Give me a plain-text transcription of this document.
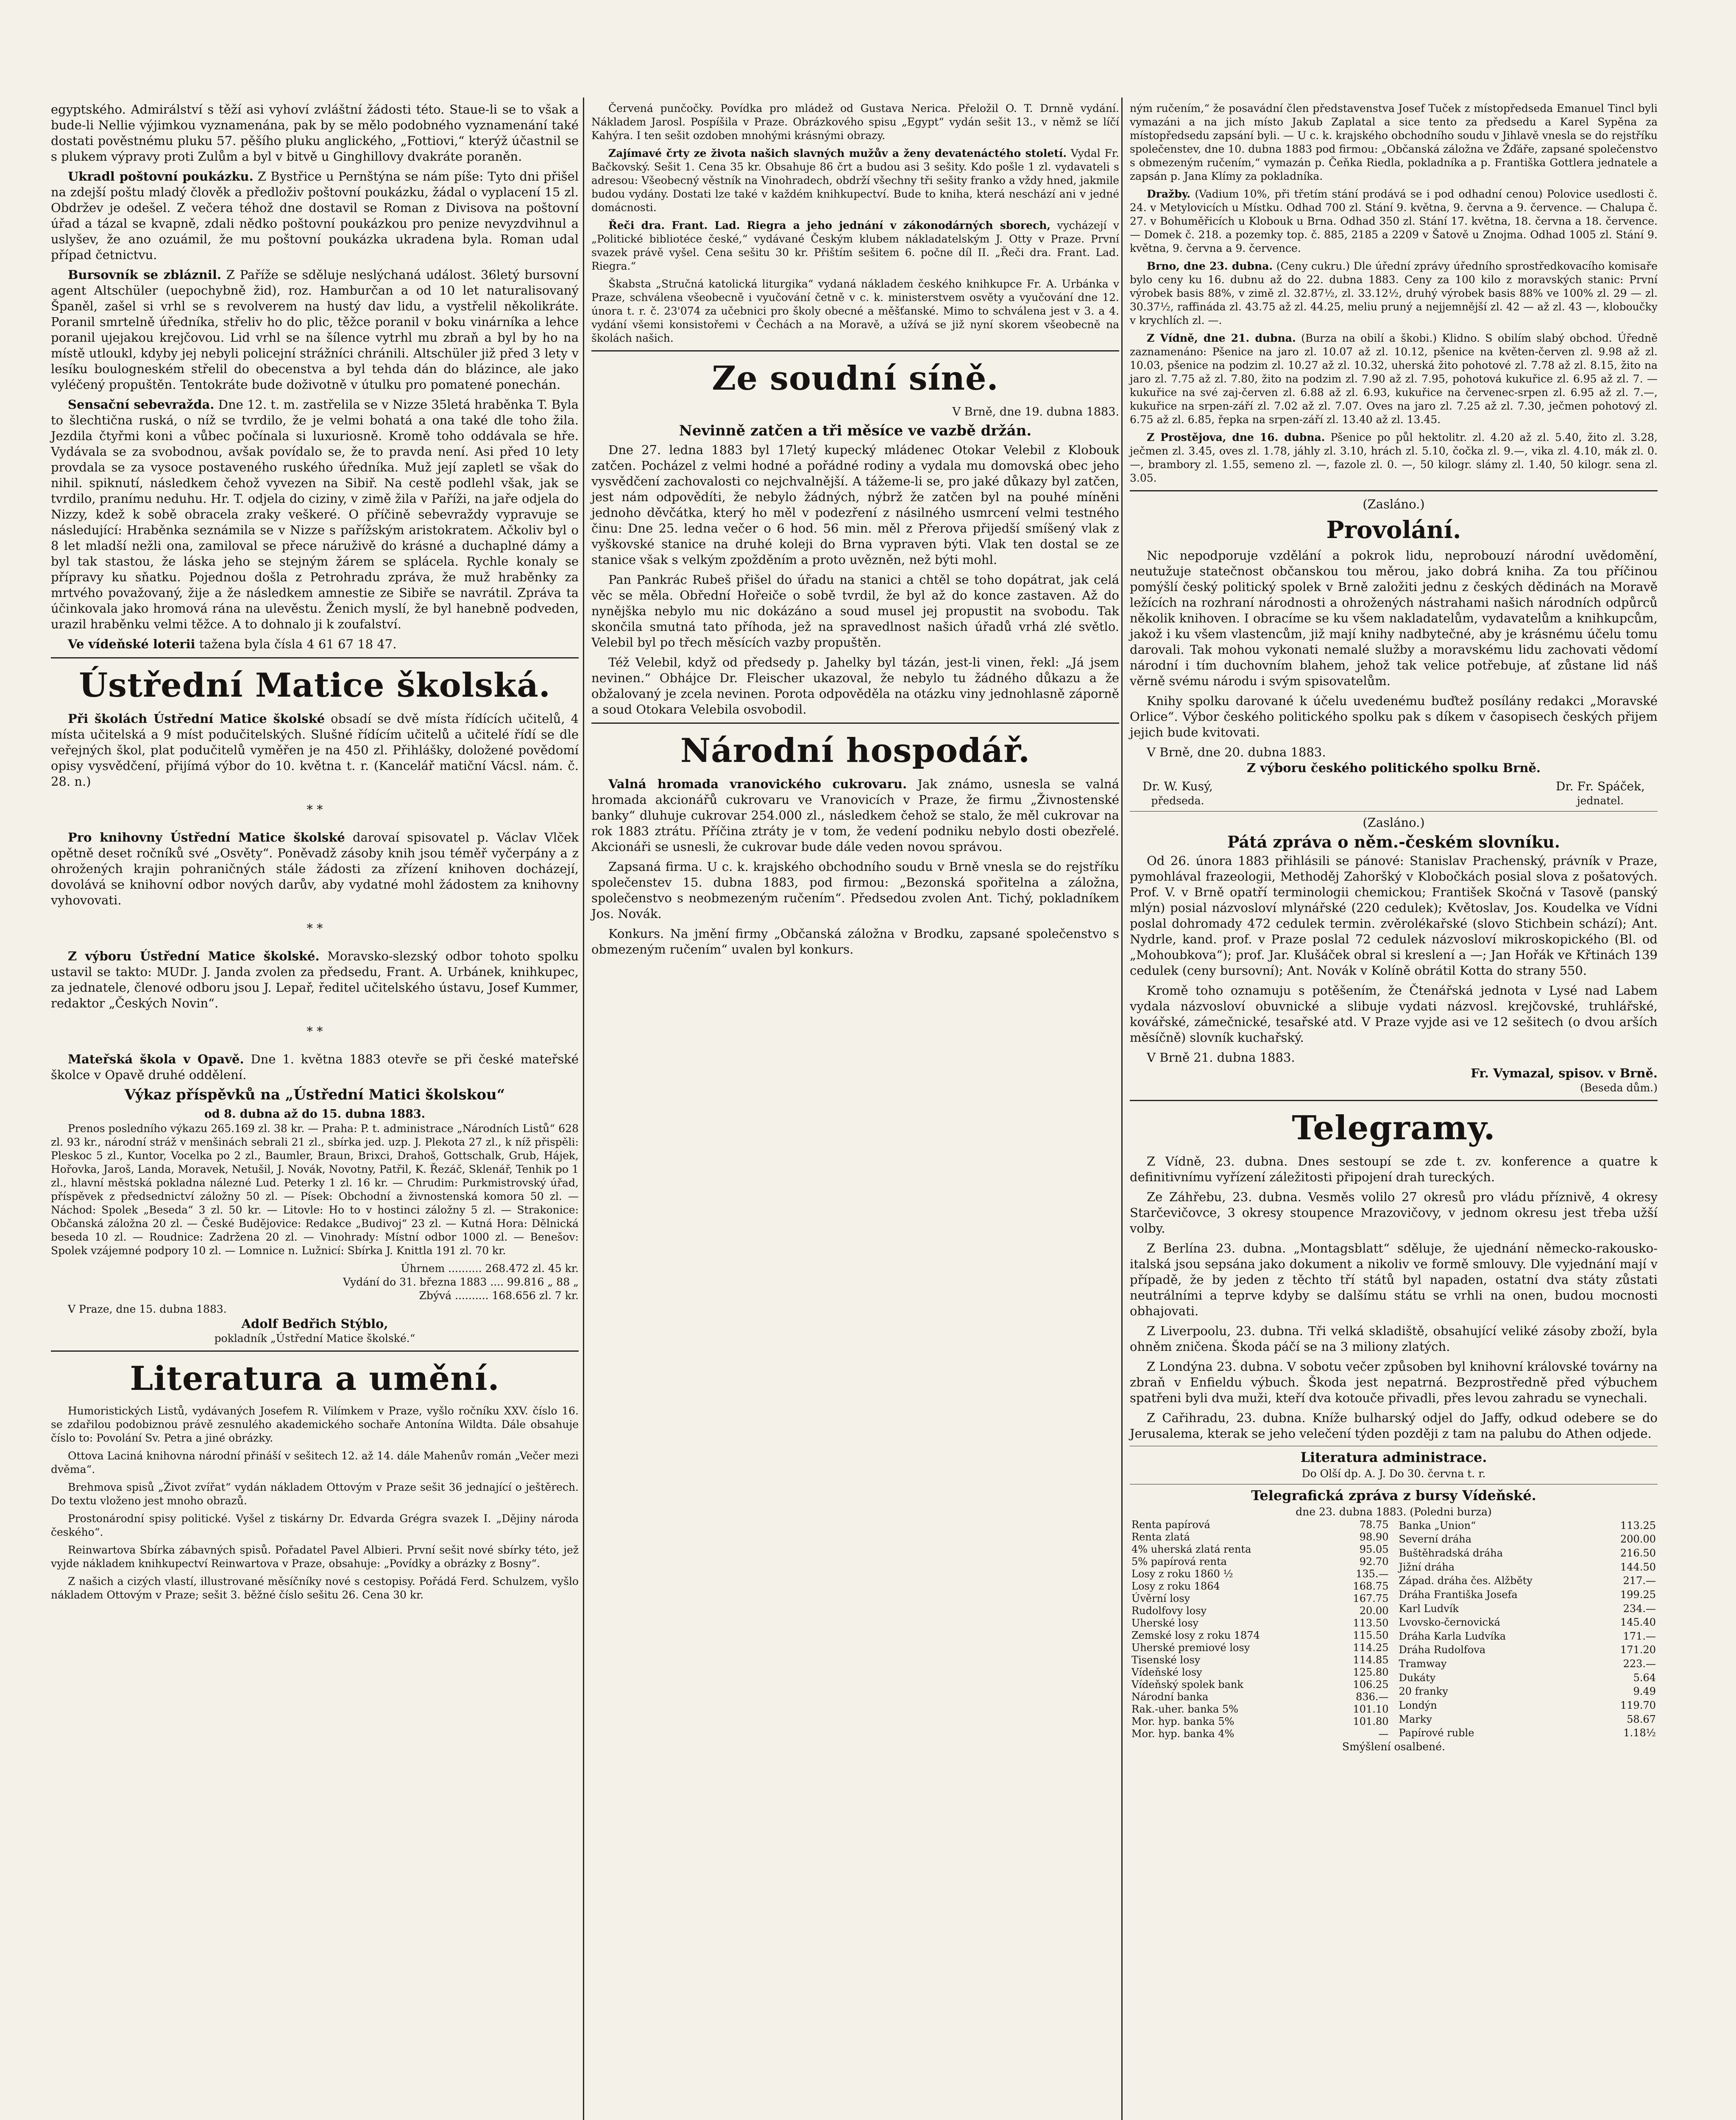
egyptského. Admirálství s těží asi vyhoví zvláštní žádosti této. Staue-li se to však a bude-li Nellie výjimkou vyznamenána, pak by se mělo podobného vyznamenání také dostati pověstnému pluku 57. pěšího pluku anglického, „Fottiovi,“ kterýž účastnil se s plukem výpravy proti Zulům a byl v bitvě u Ginghillovy dvakráte poraněn.

Ukradl poštovní poukázku. Z Bystřice u Pernštýna se nám píše: Tyto dni přišel na zdejší poštu mladý člověk a předloživ poštovní poukázku, žádal o vyplacení 15 zl. Obdržev je odešel. Z večera téhož dne dostavil se Roman z Divisova na poštovní úřad a tázal se kvapně, zdali nědko poštovní poukázkou pro penize nevyzdvihnul a uslyšev, že ano ozuámil, že mu poštovní poukázka ukradena byla. Roman udal případ četnictvu.

Bursovník se zbláznil. Z Paříže se sděluje neslýchaná událost. 36letý bursovní agent Altschüler (uepochybně žid), roz. Hamburčan a od 10 let naturalisovaný Španěl, zašel si vrhl se s revolverem na hustý dav lidu, a vystřelil několikráte. Poranil smrtelně úředníka, střeliv ho do plic, těžce poranil v boku vinárníka a lehce poranil ujejakou krejčovou. Lid vrhl se na šílence vytrhl mu zbraň a byl by ho na místě utloukl, kdyby jej nebyli policejní strážníci chránili. Altschüler již před 3 lety v lesíku boulogneském střelil do obecenstva a byl tehda dán do blázince, ale jako vyléčený propuštěn. Tentokráte bude doživotně v útulku pro pomatené ponechán.

Sensační sebevražda. Dne 12. t. m. zastřelila se v Nizze 35letá hraběnka T. Byla to šlechtična ruská, o níž se tvrdilo, že je velmi bohatá a ona také dle toho žila. Jezdila čtyřmi koni a vůbec počínala si luxuriosně. Kromě toho oddávala se hře. Vydávala se za svobodnou, avšak povídalo se, že to pravda není. Asi před 10 lety provdala se za vysoce postaveného ruského úředníka. Muž její zapletl se však do nihil. spiknutí, následkem čehož vyvezen na Sibiř. Na cestě podlehl však, jak se tvrdilo, pranímu neduhu. Hr. T. odjela do ciziny, v zimě žila v Paříži, na jaře odjela do Nizzy, kdež k sobě obracela zraky veškeré. O příčině sebevraždy vypravuje se následující: Hraběnka seznámila se v Nizze s pařížským aristokratem. Ačkoliv byl o 8 let mladší nežli ona, zamiloval se přece náruživě do krásné a duchaplné dámy a byl tak stastou, že láska jeho se stejným žárem se splácela. Rychle konaly se přípravy ku sňatku. Pojednou došla z Petrohradu zpráva, že muž hraběnky za mrtvého považovaný, žije a že následkem amnestie ze Sibiře se navrátil. Zpráva ta účinkovala jako hromová rána na ulevěstu. Ženich myslí, že byl hanebně podveden, urazil hraběnku velmi těžce. A to dohnalo ji k zoufalství.

Ve vídeňské loterii tažena byla čísla 4 61 67 18 47.

Ústřední Matice školská.

Při školách Ústřední Matice školské obsadí se dvě místa řídících učitelů, 4 místa učitelská a 9 míst podučitelských. Slušné řídícím učitelů a učitelé řídí se dle veřejných škol, plat podučitelů vyměřen je na 450 zl. Přihlášky, doložené povědomí opisy vysvědčení, přijímá výbor do 10. května t. r. (Kancelář matiční Vácsl. nám. č. 28. n.)

* *

Pro knihovny Ústřední Matice školské darovaí spisovatel p. Václav Vlček opětně deset ročníků své „Osvěty“. Poněvadž zásoby knih jsou téměř vyčerpány a z ohrožených krajin pohraničných stále žádosti za zřízení knihoven docházejí, dovolává se knihovní odbor nových darův, aby vydatné mohl žádostem za knihovny vyhovovati.

* *

Z výboru Ústřední Matice školské. Moravsko-slezský odbor tohoto spolku ustavil se takto: MUDr. J. Janda zvolen za předsedu, Frant. A. Urbánek, knihkupec, za jednatele, členové odboru jsou J. Lepař, ředitel učitelského ústavu, Josef Kummer, redaktor „Českých Novin“.

* *

Mateřská škola v Opavě. Dne 1. května 1883 otevře se při české mateřské školce v Opavě druhé oddělení.

Výkaz příspěvků na „Ústřední Matici školskou“
od 8. dubna až do 15. dubna 1883.

Prenos posledního výkazu 265.169 zl. 38 kr. — Praha: P. t. administrace „Národních Listů“ 628 zl. 93 kr., národní stráž v menšinách sebrali 21 zl., sbírka jed. uzp. J. Plekota 27 zl., k níž přispěli: Pleskoc 5 zl., Kuntor, Vocelka po 2 zl., Baumler, Braun, Brixci, Drahoš, Gottschalk, Grub, Hájek, Hořovka, Jaroš, Landa, Moravek, Netušil, J. Novák, Novotny, Patřil, K. Řezáč, Sklenář, Tenhik po 1 zl., hlavní městská pokladna nálezné Lud. Peterky 1 zl. 16 kr. — Chrudim: Purkmistrovský úřad, příspěvek z předsednictví záložny 50 zl. — Písek: Obchodní a živnostenská komora 50 zl. — Náchod: Spolek „Beseda“ 3 zl. 50 kr. — Litovle: Ho to v hostinci záložny 5 zl. — Strakonice: Občanská záložna 20 zl. — České Budějovice: Redakce „Budivoj“ 23 zl. — Kutná Hora: Dělnická beseda 10 zl. — Roudnice: Zadržena 20 zl. — Vinohrady: Místní odbor 1000 zl. — Benešov: Spolek vzájemné podpory 10 zl. — Lomnice n. Lužnicí: Sbírka J. Knittla 191 zl. 70 kr.

Úhrnem .......... 268.472 zl. 45 kr.
Vydání do 31. března 1883 .... 99.816 „ 88 „
Zbývá .......... 168.656 zl. 7 kr.
V Praze, dne 15. dubna 1883.
Adolf Bedřich Stýblo,
pokladník „Ústřední Matice školské.“
Literatura a umění.

Humoristických Listů, vydávaných Josefem R. Vilímkem v Praze, vyšlo ročníku XXV. číslo 16. se zdařilou podobiznou právě zesnulého akademického sochaře Antonína Wildta. Dále obsahuje číslo to: Povolání Sv. Petra a jiné obrázky.

Ottova Laciná knihovna národní přináší v sešitech 12. až 14. dále Mahenův román „Večer mezi dvěma“.

Brehmova spisů „Život zvířat“ vydán nákladem Ottovým v Praze sešit 36 jednající o ještěrech. Do textu vloženo jest mnoho obrazů.

Prostonárodní spisy politické. Vyšel z tiskárny Dr. Edvarda Grégra svazek I. „Dějiny národa českého“.

Reinwartova Sbírka zábavných spisů. Pořadatel Pavel Albieri. První sešit nové sbírky této, jež vyjde nákladem knihkupectví Reinwartova v Praze, obsahuje: „Povídky a obrázky z Bosny“.

Z našich a cizých vlastí, illustrované měsíčníky nové s cestopisy. Pořádá Ferd. Schulzem, vyšlo nákladem Ottovým v Praze; sešit 3. běžné číslo sešitu 26. Cena 30 kr.

Červená punčočky. Povídka pro mládež od Gustava Nerica. Přeložil O. T. Drnně vydání. Nákladem Jarosl. Pospíšila v Praze. Obrázkového spisu „Egypt“ vydán sešit 13., v němž se líčí Kahýra. I ten sešit ozdoben mnohými krásnými obrazy.

Zajímavé črty ze života našich slavných mužův a ženy devatenáctého století. Vydal Fr. Bačkovský. Sešit 1. Cena 35 kr. Obsahuje 86 črt a budou asi 3 sešity. Kdo pošle 1 zl. vydavateli s adresou: Všeobecný věstník na Vinohradech, obdrží všechny tři sešity franko a vždy hned, jakmile budou vydány. Dostati lze také v každém knihkupectví. Bude to kniha, která neschází ani v jedné domácnosti.

Řeči dra. Frant. Lad. Riegra a jeho jednání v zákonodárných sborech, vycházejí v „Politické bibliotéce české,“ vydávané Českým klubem nákladatelským J. Otty v Praze. První svazek právě vyšel. Cena sešitu 30 kr. Přištím sešitem 6. počne díl II. „Řeči dra. Frant. Lad. Riegra.“

Škabsta „Stručná katolická liturgika“ vydaná nákladem českého knihkupce Fr. A. Urbánka v Praze, schválena všeobecně i vyučování četně v c. k. ministerstvem osvěty a vyučování dne 12. února t. r. č. 23'074 za učebnici pro školy obecné a měšťanské. Mimo to schválena jest v 3. a 4. vydání všemi konsistořemi v Čechách a na Moravě, a užívá se již nyní skorem všeobecně na školách našich.

Ze soudní síně.
V Brně, dne 19. dubna 1883.
Nevinně zatčen a tři měsíce ve vazbě držán.

Dne 27. ledna 1883 byl 17letý kupecký mládenec Otokar Velebil z Klobouk zatčen. Pocházel z velmi hodné a pořádné rodiny a vydala mu domovská obec jeho vysvědčení zachovalosti co nejchvalnější. A tážeme-li se, pro jaké důkazy byl zatčen, jest nám odpovědíti, že nebylo žádných, nýbrž že zatčen byl na pouhé míněni jednoho děvčátka, který ho měl v podezření z násilného usmrcení velmi testného činu: Dne 25. ledna večer o 6 hod. 56 min. měl z Přerova přijedší smíšený vlak z vyškovské stanice na druhé koleji do Brna vypraven býti. Vlak ten dostal se ze stanice však s velkým zpožděním a proto uvězněn, než býti mohl.

Pan Pankrác Rubeš přišel do úřadu na stanici a chtěl se toho dopátrat, jak celá věc se měla. Obřední Hořeiče o sobě tvrdil, že byl až do konce zastaven. Až do nynějška nebylo mu nic dokázáno a soud musel jej propustit na svobodu. Tak skončila smutná tato příhoda, jež na spravedlnost našich úřadů vrhá zlé světlo. Velebil byl po třech měsících vazby propuštěn.

Též Velebil, když od předsedy p. Jahelky byl tázán, jest-li vinen, řekl: „Já jsem nevinen.“ Obhájce Dr. Fleischer ukazoval, že nebylo tu žádného důkazu a že obžalovaný je zcela nevinen. Porota odpověděla na otázku viny jednohlasně záporně a soud Otokara Velebila osvobodil.

Národní hospodář.

Valná hromada vranovického cukrovaru. Jak známo, usnesla se valná hromada akcionářů cukrovaru ve Vranovicích v Praze, že firmu „Živnostenské banky“ dluhuje cukrovar 254.000 zl., následkem čehož se stalo, že měl cukrovar na rok 1883 ztrátu. Příčina ztráty je v tom, že vedení podniku nebylo dosti obezřelé. Akcionáři se usnesli, že cukrovar bude dále veden novou správou.

Zapsaná firma. U c. k. krajského obchodního soudu v Brně vnesla se do rejstříku společenstev 15. dubna 1883, pod firmou: „Bezonská spořitelna a záložna, společenstvo s neobmezeným ručením“. Předsedou zvolen Ant. Tichý, pokladníkem Jos. Novák.

Konkurs. Na jmění firmy „Občanská záložna v Brodku, zapsané společenstvo s obmezeným ručením“ uvalen byl konkurs.

ným ručením,“ že posavádní člen představenstva Josef Tuček z místopředseda Emanuel Tincl byli vymazáni a na jich místo Jakub Zaplatal a sice tento za předsedu a Karel Sypěna za místopředsedu zapsání byli. — U c. k. krajského obchodního soudu v Jihlavě vnesla se do rejstříku společenstev, dne 10. dubna 1883 pod firmou: „Občanská záložna ve Žďáře, zapsané společenstvo s obmezeným ručením,“ vymazán p. Čeňka Riedla, pokladníka a p. Františka Gottlera jednatele a zapsán p. Jana Klímy za pokladníka.

Dražby. (Vadium 10%, při třetím stání prodává se i pod odhadní cenou) Polovice usedlosti č. 24. v Metylovicích u Místku. Odhad 700 zl. Stání 9. května, 9. června a 9. července. — Chalupa č. 27. v Bohuměřicích u Klobouk u Brna. Odhad 350 zl. Stání 17. května, 18. června a 18. července. — Domek č. 218. a pozemky top. č. 885, 2185 a 2209 v Šatově u Znojma. Odhad 1005 zl. Stání 9. května, 9. června a 9. července.

Brno, dne 23. dubna. (Ceny cukru.) Dle úřední zprávy úředního sprostředkovacího komisaře bylo ceny ku 16. dubnu až do 22. dubna 1883. Ceny za 100 kilo z moravských stanic: První výrobek basis 88%, v zimě zl. 32.87½, zl. 33.12½, druhý výrobek basis 88% ve 100% zl. 29 — zl. 30.37½, raffináda zl. 43.75 až zl. 44.25, meliu pruný a nejjemnější zl. 42 — až zl. 43 —, kloboučky v krychlích zl. —.

Z Vídně, dne 21. dubna. (Burza na obilí a škobi.) Klidno. S obilím slabý obchod. Úředně zaznamenáno: Pšenice na jaro zl. 10.07 až zl. 10.12, pšenice na květen-červen zl. 9.98 až zl. 10.03, pšenice na podzim zl. 10.27 až zl. 10.32, uherská žito pohotové zl. 7.78 až zl. 8.15, žito na jaro zl. 7.75 až zl. 7.80, žito na podzim zl. 7.90 až zl. 7.95, pohotová kukuřice zl. 6.95 až zl. 7. — kukuřice na své zaj-červen zl. 6.88 až zl. 6.93, kukuřice na červenec-srpen zl. 6.95 až zl. 7.—, kukuřice na srpen-září zl. 7.02 až zl. 7.07. Oves na jaro zl. 7.25 až zl. 7.30, ječmen pohotový zl. 6.75 až zl. 6.85, řepka na srpen-září zl. 13.40 až zl. 13.45.

Z Prostějova, dne 16. dubna. Pšenice po půl hektolitr. zl. 4.20 až zl. 5.40, žito zl. 3.28, ječmen zl. 3.45, oves zl. 1.78, jáhly zl. 3.10, hrách zl. 5.10, čočka zl. 9.—, vika zl. 4.10, mák zl. 0. —, brambory zl. 1.55, semeno zl. —, fazole zl. 0. —, 50 kilogr. slámy zl. 1.40, 50 kilogr. sena zl. 3.05.

(Zasláno.)
Provolání.

Nic nepodporuje vzdělání a pokrok lidu, neprobouzí národní uvědomění, neutužuje statečnost občanskou tou měrou, jako dobrá kniha. Za tou příčinou pomýšlí český politický spolek v Brně založiti jednu z českých dědinách na Moravě ležících na rozhraní národnosti a ohrožených nástrahami našich národních odpůrců několik knihoven. I obracíme se ku všem nakladatelům, vydavatelům a knihkupcům, jakož i ku všem vlastencům, již mají knihy nadbytečné, aby je krásnému účelu tomu darovali. Tak mohou vykonati nemalé služby a moravskému lidu zachovati vědomí národní i tím duchovním blahem, jehož tak velice potřebuje, ať zůstane lid náš věrně svému národu i svým spisovatelům.

Knihy spolku darované k účelu uvedenému buďtež posílány redakci „Moravské Orlice“. Výbor českého politického spolku pak s díkem v časopisech českých přijem jejich bude kvitovati.

V Brně, dne 20. dubna 1883.
Z výboru českého politického spolku Brně.
Dr. W. Kusý,
předseda.
Dr. Fr. Spáček,
jednatel.
(Zasláno.)
Pátá zpráva o něm.-českém slovníku.

Od 26. února 1883 přihlásili se pánové: Stanislav Prachenský, právník v Praze, pymohlával frazeologii, Methoděj Zahoršký v Klobočkách posial slova z pošatových. Prof. V. v Brně opatří terminologii chemickou; František Skočná v Tasově (panský mlýn) posial názvosloví mlynářské (220 cedulek); Květoslav, Jos. Koudelka ve Vídni poslal dohromady 472 cedulek termin. zvěrolékařské (slovo Stichbein schází); Ant. Nydrle, kand. prof. v Praze poslal 72 cedulek názvosloví mikroskopického (Bl. od „Mohoubkova“); prof. Jar. Klušáček obral si kreslení a —; Jan Hořák ve Křtinách 139 cedulek (ceny bursovní); Ant. Novák v Kolíně obrátil Kotta do strany 550.

Kromě toho oznamuju s potěšením, že Čtenářská jednota v Lysé nad Labem vydala názvosloví obuvnické a slibuje vydati názvosl. krejčovské, truhlářské, kovářské, zámečnické, tesařské atd. V Praze vyjde asi ve 12 sešitech (o dvou arších měsíčně) slovník kuchařský.

V Brně 21. dubna 1883.
Fr. Vymazal, spisov. v Brně.
(Beseda dům.)
Telegramy.

Z Vídně, 23. dubna. Dnes sestoupí se zde t. zv. konference a quatre k definitivnímu vyřízení záležitosti připojení drah tureckých.

Ze Záhřebu, 23. dubna. Vesměs volilo 27 okresů pro vládu příznivě, 4 okresy Starčevičovce, 3 okresy stoupence Mrazovičovy, v jednom okresu jest třeba užší volby.

Z Berlína 23. dubna. „Montagsblatt“ sděluje, že ujednání německo-rakousko-italská jsou sepsána jako dokument a nikoliv ve formě smlouvy. Dle vyjednání mají v případě, že by jeden z těchto tří států byl napaden, ostatní dva státy zůstati neutrálními a teprve kdyby se dalšímu státu se vrhli na onen, budou mocnosti obhajovati.

Z Liverpoolu, 23. dubna. Tři velká skladiště, obsahující veliké zásoby zboží, byla ohněm zničena. Škoda páčí se na 3 miliony zlatých.

Z Londýna 23. dubna. V sobotu večer způsoben byl knihovní královské továrny na zbraň v Enfieldu výbuch. Škoda jest nepatrná. Bezprostředně před výbuchem spatřeni byli dva muži, kteří dva kotouče přivadli, přes levou zahradu se vynechali.

Z Cařihradu, 23. dubna. Kníže bulharský odjel do Jaffy, odkud odebere se do Jerusalema, kterak se jeho velečení týden později z tam na palubu do Athen odjede.

Literatura administrace.
Do Olší dp. A. J. Do 30. června t. r.
Telegrafická zpráva z bursy Vídeňské.
dne 23. dubna 1883. (Poledni burza)
Renta papírová	78.75
Renta zlatá	98.90
4% uherská zlatá renta	95.05
5% papírová renta	92.70
Losy z roku 1860 ½	135.—
Losy z roku 1864	168.75
Úvěrní losy	167.75
Rudolfovy losy	20.00
Uherské losy	113.50
Zemské losy z roku 1874	115.50
Uherské premiové losy	114.25
Tisenské losy	114.85
Vídeňské losy	125.80
Vídeňský spolek bank	106.25
Národní banka	836.—
Rak.-uher. banka 5%	101.10
Mor. hyp. banka 5%	101.80
Mor. hyp. banka 4%	—
Banka „Union“	113.25
Severní dráha	200.00
Buštěhradská dráha	216.50
Jižní dráha	144.50
Západ. dráha čes. Alžběty	217.—
Dráha Františka Josefa	199.25
Karl Ludvík	234.—
Lvovsko-černovická	145.40
Dráha Karla Ludvíka	171.—
Dráha Rudolfova	171.20
Tramway	223.—
Dukáty	5.64
20 franky	9.49
Londýn	119.70
Marky	58.67
Papírové ruble	1.18½
Smýšlení osalbené.
